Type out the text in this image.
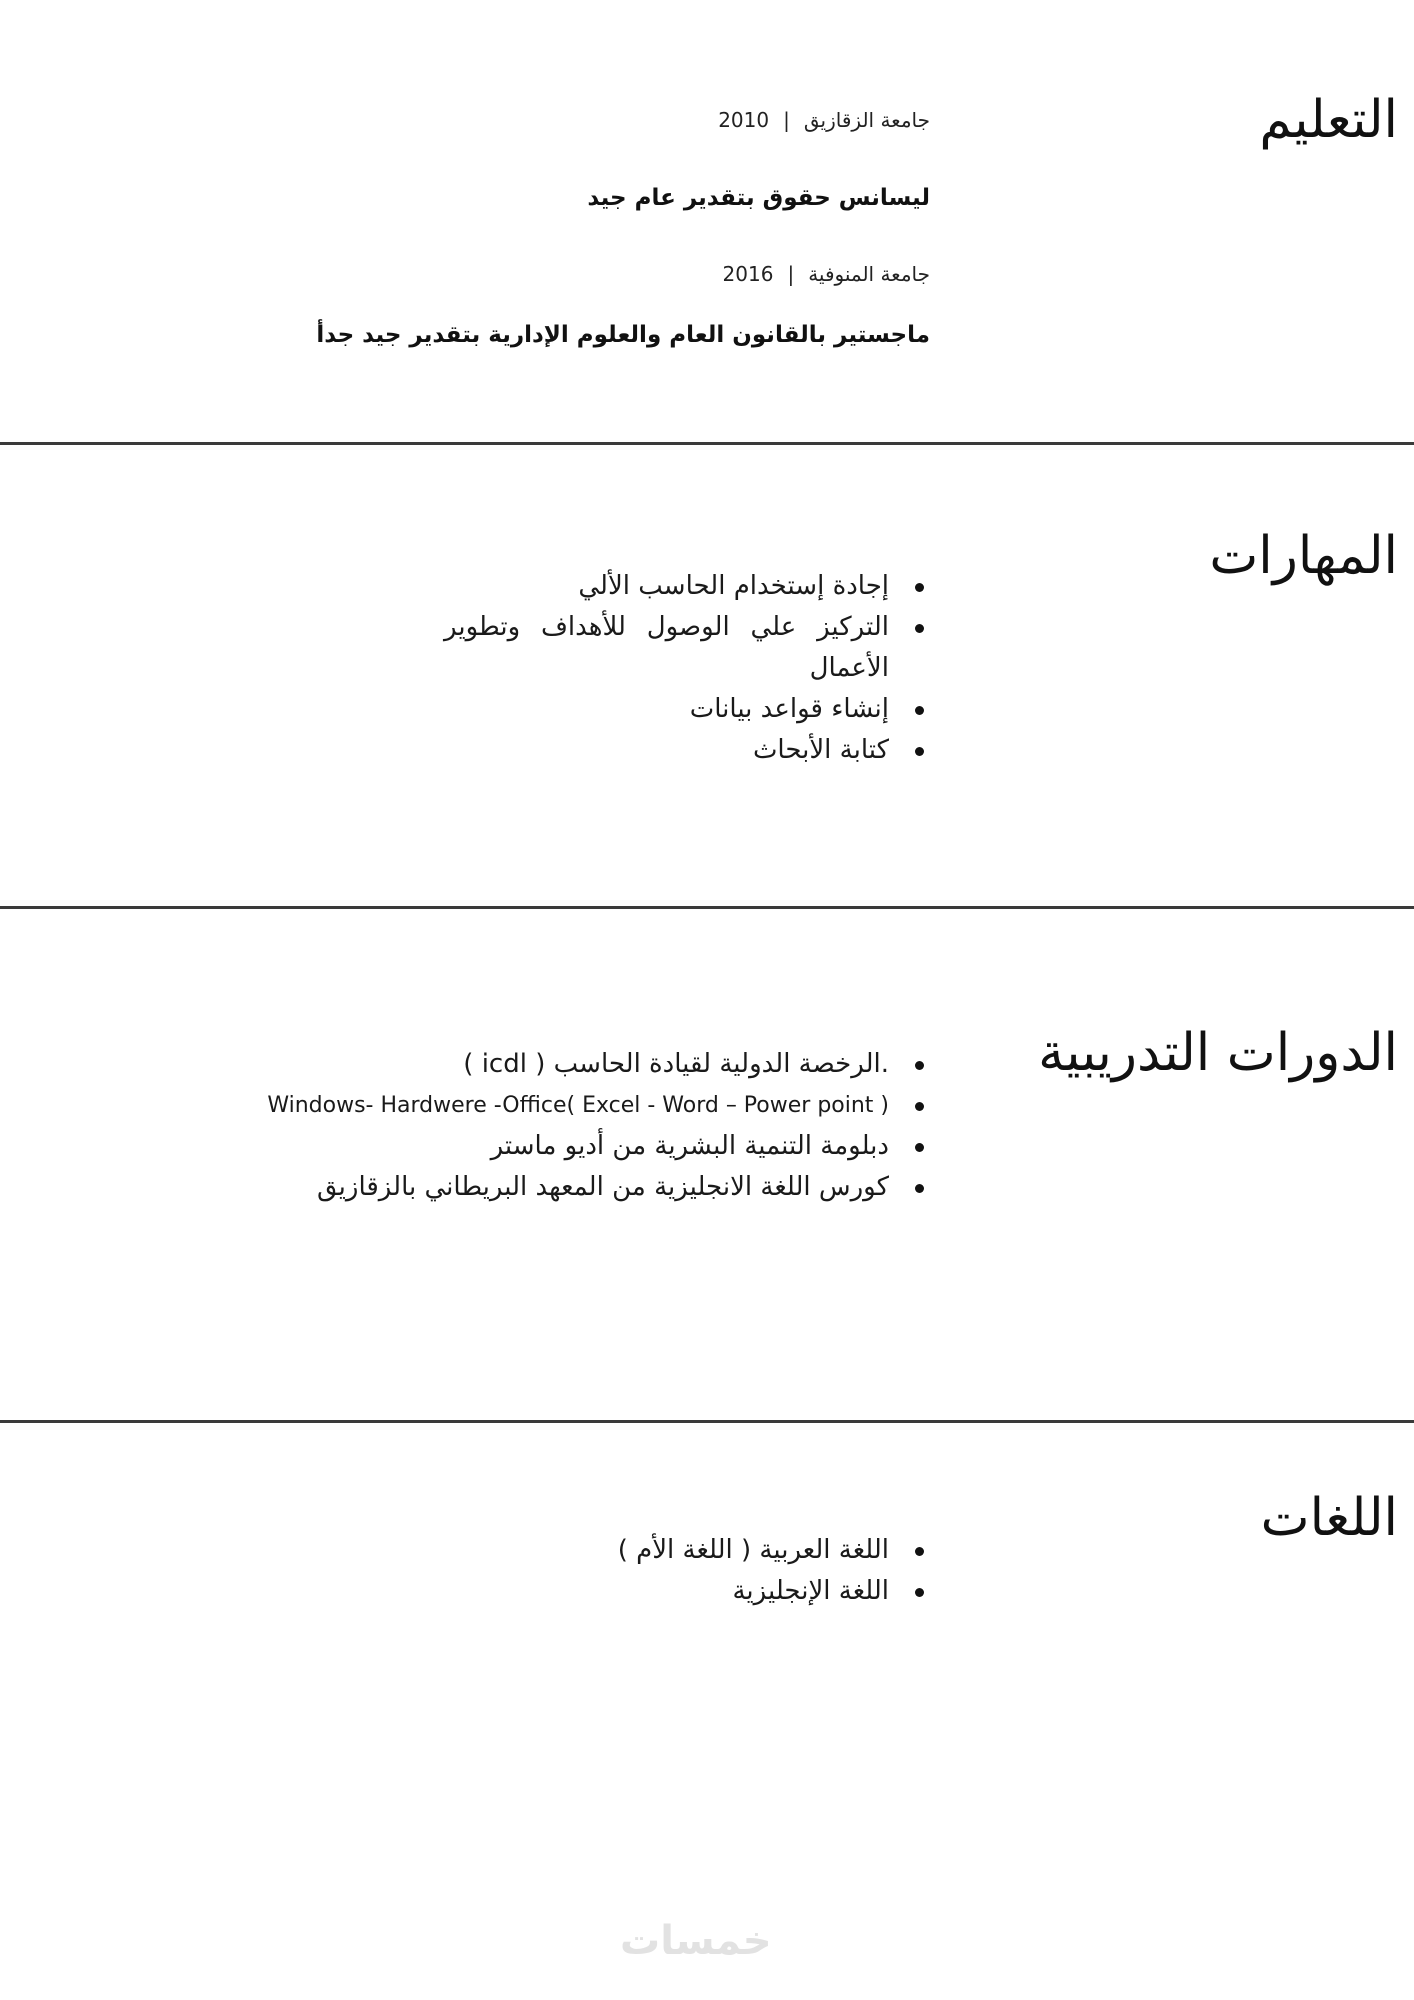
التعليم
جامعة الزقازيق|2010
ليسانس حقوق بتقدير عام جيد
جامعة المنوفية|2016
ماجستير بالقانون العام والعلوم الإدارية بتقدير جيد جدأ
المهارات
إجادة إستخدام الحاسب الألي
التركيز علي الوصول للأهداف وتطوير الأعمال
إنشاء قواعد بيانات
كتابة الأبحاث
الدورات التدريبية
.الرخصة الدولية لقيادة الحاسب ( icdl )
Windows- Hardwere -Office( Excel - Word – Power point )
دبلومة التنمية البشرية من أديو ماستر
كورس اللغة الانجليزية من المعهد البريطاني بالزقازيق
اللغات
اللغة العربية ( اللغة الأم )
اللغة الإنجليزية
خمسات
